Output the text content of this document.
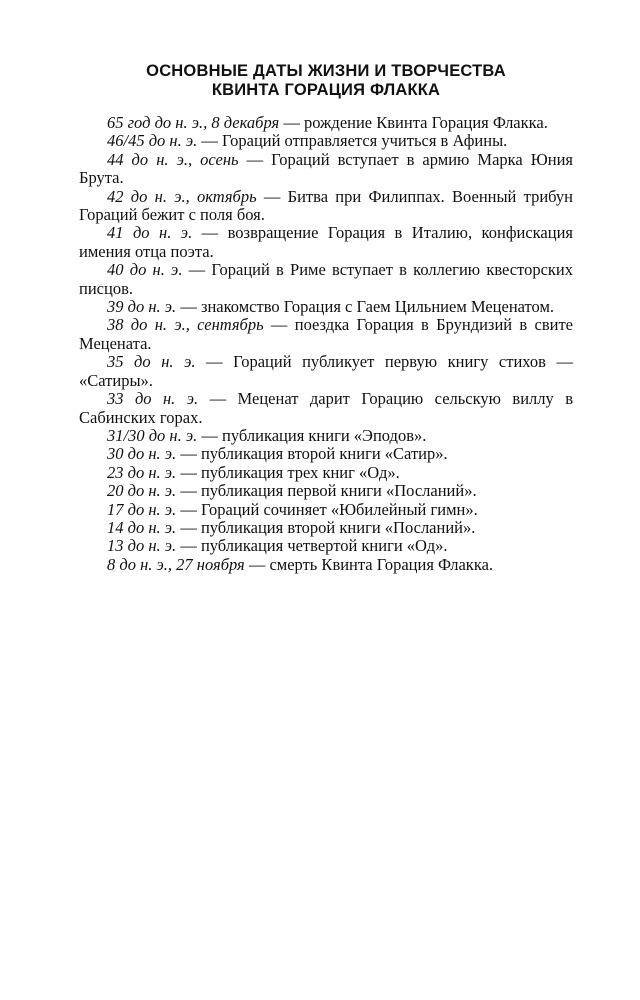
ОСНОВНЫЕ ДАТЫ ЖИЗНИ И ТВОРЧЕСТВА
КВИНТА ГОРАЦИЯ ФЛАККА

65 год до н. э., 8 декабря — рождение Квинта Горация Флакка.

46/45 до н. э. — Гораций отправляется учиться в Афины.

44 до н. э., осень — Гораций вступает в армию Марка Юния Брута.

42 до н. э., октябрь — Битва при Филиппах. Военный трибун Гораций бежит с поля боя.

41 до н. э. — возвращение Горация в Италию, конфискация имения отца поэта.

40 до н. э. — Гораций в Риме вступает в коллегию квесторских писцов.

39 до н. э. — знакомство Горация с Гаем Цильнием Меценатом.

38 до н. э., сентябрь — поездка Горация в Брундизий в свите Мецената.

35 до н. э. — Гораций публикует первую книгу стихов — «Сатиры».

33 до н. э. — Меценат дарит Горацию сельскую виллу в Сабинских горах.

31/30 до н. э. — публикация книги «Эподов».

30 до н. э. — публикация второй книги «Сатир».

23 до н. э. — публикация трех книг «Од».

20 до н. э. — публикация первой книги «Посланий».

17 до н. э. — Гораций сочиняет «Юбилейный гимн».

14 до н. э. — публикация второй книги «Посланий».

13 до н. э. — публикация четвертой книги «Од».

8 до н. э., 27 ноября — смерть Квинта Горация Флакка.
